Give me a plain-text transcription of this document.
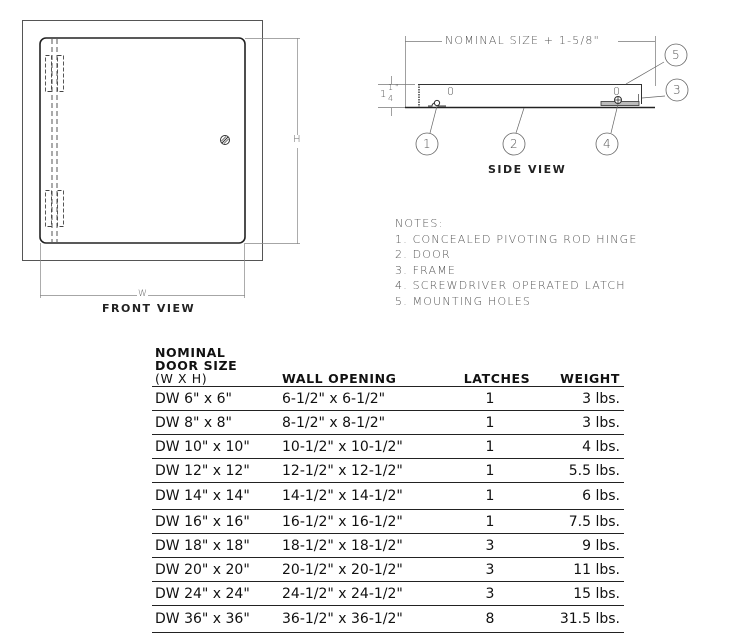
H
W
FRONT VIEW
NOMINAL SIZE + 1-5/8"
1
1
4
"	0	0
1	2
3
4
5
SIDE VIEW
NOTES:
1. CONCEALED PIVOTING ROD HINGE
2. DOOR
3. FRAME
4. SCREWDRIVER OPERATED LATCH
5. MOUNTING HOLES
NOMINAL
DOOR SIZE
(W X H)	WALL OPENING	LATCHES	WEIGHT
DW 6" x 6"	6-1/2" x 6-1/2"	1	3 lbs.
DW 8" x 8"	8-1/2" x 8-1/2"	1	3 lbs.
DW 10" x 10"	10-1/2" x 10-1/2"	1	4 lbs.
DW 12" x 12"	12-1/2" x 12-1/2"	1	5.5 lbs.
DW 14" x 14"	14-1/2" x 14-1/2"	1	6 lbs.
DW 16" x 16"	16-1/2" x 16-1/2"	1	7.5 lbs.
DW 18" x 18"	18-1/2" x 18-1/2"	3	9 lbs.
DW 20" x 20"	20-1/2" x 20-1/2"	3	11 lbs.
DW 24" x 24"	24-1/2" x 24-1/2"	3	15 lbs.
DW 36" x 36"	36-1/2" x 36-1/2"	8	31.5 lbs.
